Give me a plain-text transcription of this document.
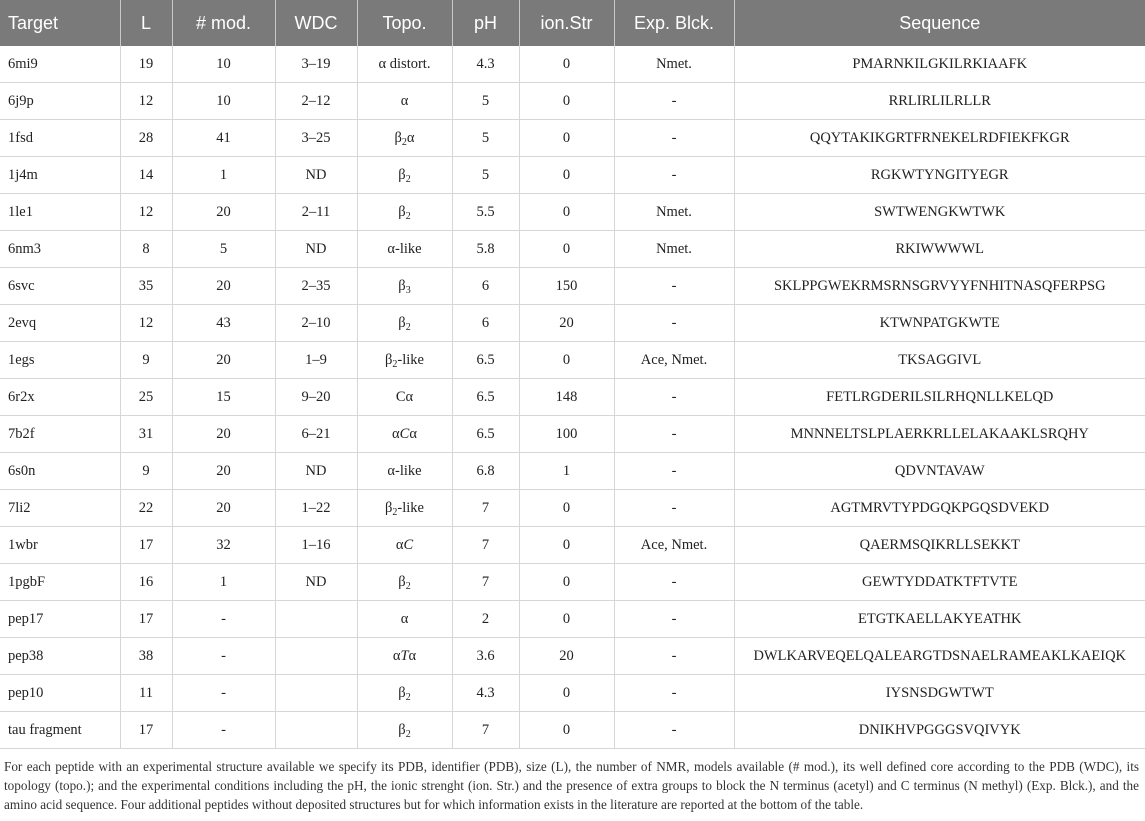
Target	L	# mod.	WDC	Topo.	pH	ion.Str	Exp. Blck.	Sequence
6mi9	19	10	3–19	α distort.	4.3	0	Nmet.	PMARNKILGKILRKIAAFK
6j9p	12	10	2–12	α	5	0	-	RRLIRLILRLLR
1fsd	28	41	3–25	$\beta_2\alpha$	5	0	-	QQYTAKIKGRTFRNEKELRDFIEKFKGR
1j4m	14	1	ND	$\beta_2$	5	0	-	RGKWTYNGITYEGR
1le1	12	20	2–11	$\beta_2$	5.5	0	Nmet.	SWTWENGKWTWK
6nm3	8	5	ND	α-like	5.8	0	Nmet.	RKIWWWWL
6svc	35	20	2–35	$\beta_3$	6	150	-	SKLPPGWEKRMSRNSGRVYYFNHITNASQFERPSG
2evq	12	43	2–10	$\beta_2$	6	20	-	KTWNPATGKWTE
1egs	9	20	1–9	$\beta_2$-like	6.5	0	Ace, Nmet.	TKSAGGIVL
6r2x	25	15	9–20	Cα	6.5	148	-	FETLRGDERILSILRHQNLLKELQD
7b2f	31	20	6–21	αCα	6.5	100	-	MNNNELTSLPLAERKRLLELAKAAKLSRQHY
6s0n	9	20	ND	α-like	6.8	1	-	QDVNTAVAW
7li2	22	20	1–22	$\beta_2$-like	7	0	-	AGTMRVTYPDGQKPGQSDVEKD
1wbr	17	32	1–16	αC	7	0	Ace, Nmet.	QAERMSQIKRLLSEKKT
1pgbF	16	1	ND	$\beta_2$	7	0	-	GEWTYDDATKTFTVTE
pep17	17	-		α	2	0	-	ETGTKAELLAKYEATHK
pep38	38	-		αTα	3.6	20	-	DWLKARVEQELQALEARGTDSNAELRAMEAKLKAEIQK
pep10	11	-		$\beta_2$	4.3	0	-	IYSNSDGWTWT
tau fragment	17	-		$\beta_2$	7	0	-	DNIKHVPGGGSVQIVYK
For each peptide with an experimental structure available we specify its PDB, identifier (PDB), size (L), the number of NMR, models available (# mod.), its well defined core according to the PDB (WDC), its topology (topo.); and the experimental conditions including the pH, the ionic strenght (ion. Str.) and the presence of extra groups to block the N terminus (acetyl) and C terminus (N methyl) (Exp. Blck.), and the amino acid sequence. Four additional peptides without deposited structures but for which information exists in the literature are reported at the bottom of the table.
